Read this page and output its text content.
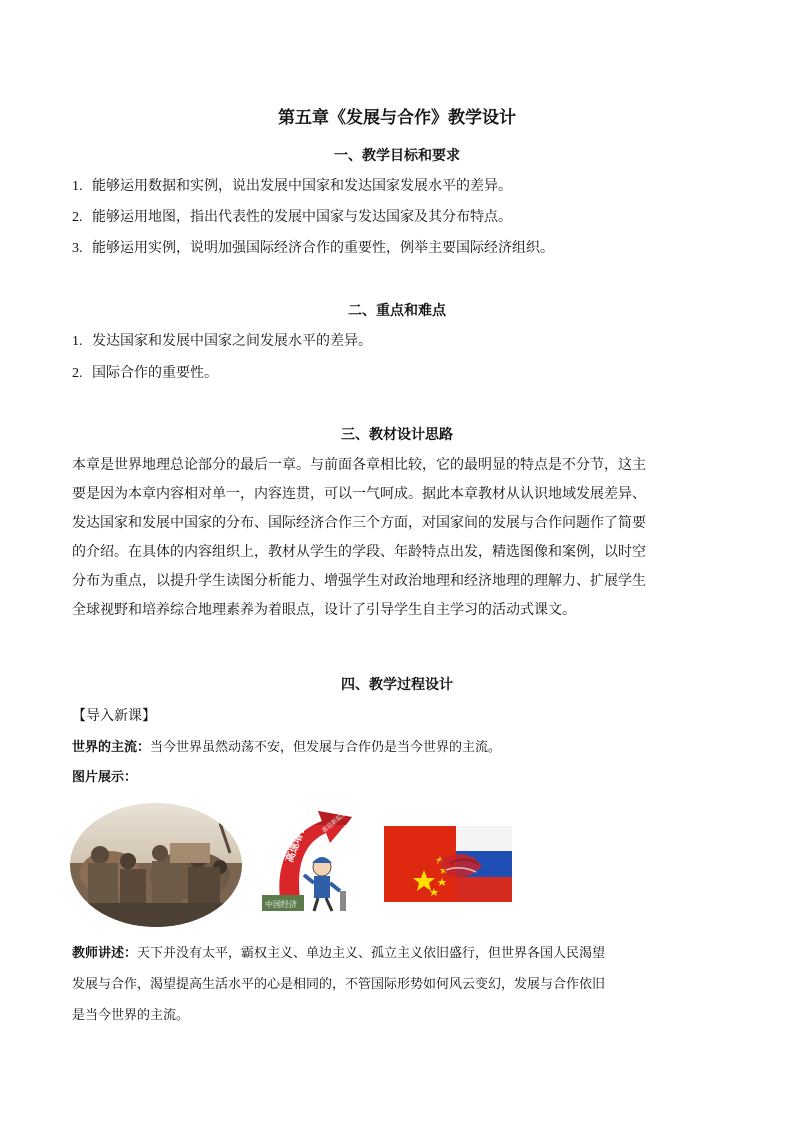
第五章《发展与合作》教学设计
一、教学目标和要求
1. 能够运用数据和实例，说出发展中国家和发达国家发展水平的差异。
2. 能够运用地图，指出代表性的发展中国家与发达国家及其分布特点。
3. 能够运用实例，说明加强国际经济合作的重要性，例举主要国际经济组织。
二、重点和难点
1. 发达国家和发展中国家之间发展水平的差异。
2. 国际合作的重要性。
三、教材设计思路
本章是世界地理总论部分的最后一章。与前面各章相比较，它的最明显的特点是不分节，这主
要是因为本章内容相对单一，内容连贯，可以一气呵成。据此本章教材从认识地域发展差异、
发达国家和发展中国家的分布、国际经济合作三个方面，对国家间的发展与合作问题作了简要
的介绍。在具体的内容组织上，教材从学生的学段、年龄特点出发，精选图像和案例，以时空
分布为重点，以提升学生读图分析能力、增强学生对政治地理和经济地理的理解力、扩展学生
全球视野和培养综合地理素养为着眼点，设计了引导学生自主学习的活动式课文。
四、教学过程设计
【导入新课】
世界的主流：当今世界虽然动荡不安，但发展与合作仍是当今世界的主流。
图片展示：
高速增长
喜迎新起点
中国经济
教师讲述：天下并没有太平，霸权主义、单边主义、孤立主义依旧盛行，但世界各国人民渴望
发展与合作，渴望提高生活水平的心是相同的，不管国际形势如何风云变幻，发展与合作依旧
是当今世界的主流。
